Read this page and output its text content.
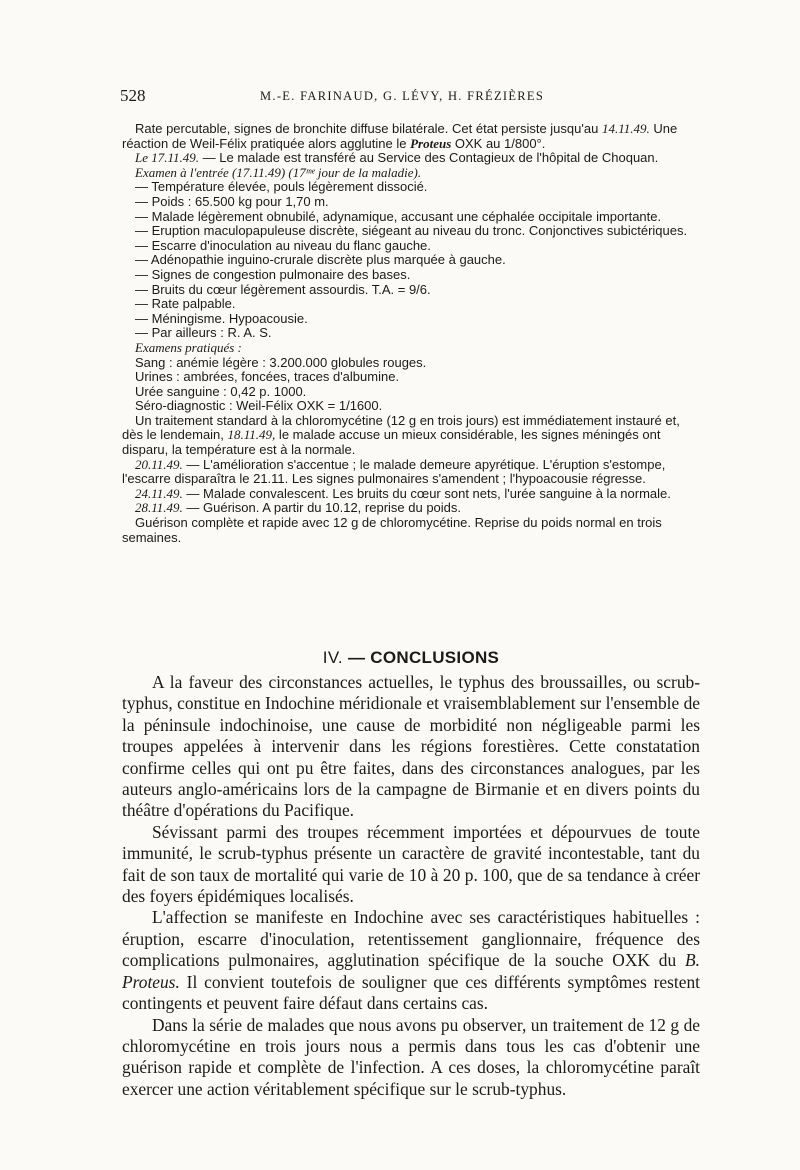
528	M.-E. FARINAUD, G. LÉVY, H. FRÉZIÈRES

Rate percutable, signes de bronchite diffuse bilatérale. Cet état persiste jusqu'au 14.11.49. Une réaction de Weil-Félix pratiquée alors agglutine le Proteus OXK au 1/800°.

Le 17.11.49. — Le malade est transféré au Service des Contagieux de l'hôpital de Choquan.

Examen à l'entrée (17.11.49) (17ᵐᵉ jour de la maladie).

— Température élevée, pouls légèrement dissocié.

— Poids : 65.500 kg pour 1,70 m.

— Malade légèrement obnubilé, adynamique, accusant une céphalée occipitale importante.

— Eruption maculopapuleuse discrète, siégeant au niveau du tronc. Conjonctives subictériques.

— Escarre d'inoculation au niveau du flanc gauche.

— Adénopathie inguino-crurale discrète plus marquée à gauche.

— Signes de congestion pulmonaire des bases.

— Bruits du cœur légèrement assourdis. T.A. = 9/6.

— Rate palpable.

— Méningisme. Hypoacousie.

— Par ailleurs : R. A. S.

Examens pratiqués :

Sang : anémie légère : 3.200.000 globules rouges.

Urines : ambrées, foncées, traces d'albumine.

Urée sanguine : 0,42 p. 1000.

Séro-diagnostic : Weil-Félix OXK = 1/1600.

Un traitement standard à la chloromycétine (12 g en trois jours) est immédiatement instauré et, dès le lendemain, 18.11.49, le malade accuse un mieux considérable, les signes méningés ont disparu, la température est à la normale.

20.11.49. — L'amélioration s'accentue ; le malade demeure apyrétique. L'éruption s'estompe, l'escarre disparaîtra le 21.11. Les signes pulmonaires s'amendent ; l'hypoacousie régresse.

24.11.49. — Malade convalescent. Les bruits du cœur sont nets, l'urée sanguine à la normale.

28.11.49. — Guérison. A partir du 10.12, reprise du poids.

Guérison complète et rapide avec 12 g de chloromycétine. Reprise du poids normal en trois semaines.

IV. — CONCLUSIONS

A la faveur des circonstances actuelles, le typhus des broussailles, ou scrub-typhus, constitue en Indochine méridionale et vraisemblablement sur l'ensemble de la péninsule indochinoise, une cause de morbidité non négligeable parmi les troupes appelées à intervenir dans les régions forestières. Cette constatation confirme celles qui ont pu être faites, dans des circonstances analogues, par les auteurs anglo-américains lors de la campagne de Birmanie et en divers points du théâtre d'opérations du Pacifique.

Sévissant parmi des troupes récemment importées et dépourvues de toute immunité, le scrub-typhus présente un caractère de gravité incontestable, tant du fait de son taux de mortalité qui varie de 10 à 20 p. 100, que de sa tendance à créer des foyers épidémiques localisés.

L'affection se manifeste en Indochine avec ses caractéristiques habituelles : éruption, escarre d'inoculation, retentissement ganglionnaire, fréquence des complications pulmonaires, agglutination spécifique de la souche OXK du B. Proteus. Il convient toutefois de souligner que ces différents symptômes restent contingents et peuvent faire défaut dans certains cas.

Dans la série de malades que nous avons pu observer, un traitement de 12 g de chloromycétine en trois jours nous a permis dans tous les cas d'obtenir une guérison rapide et complète de l'infection. A ces doses, la chloromycétine paraît exercer une action véritablement spécifique sur le scrub-typhus.
